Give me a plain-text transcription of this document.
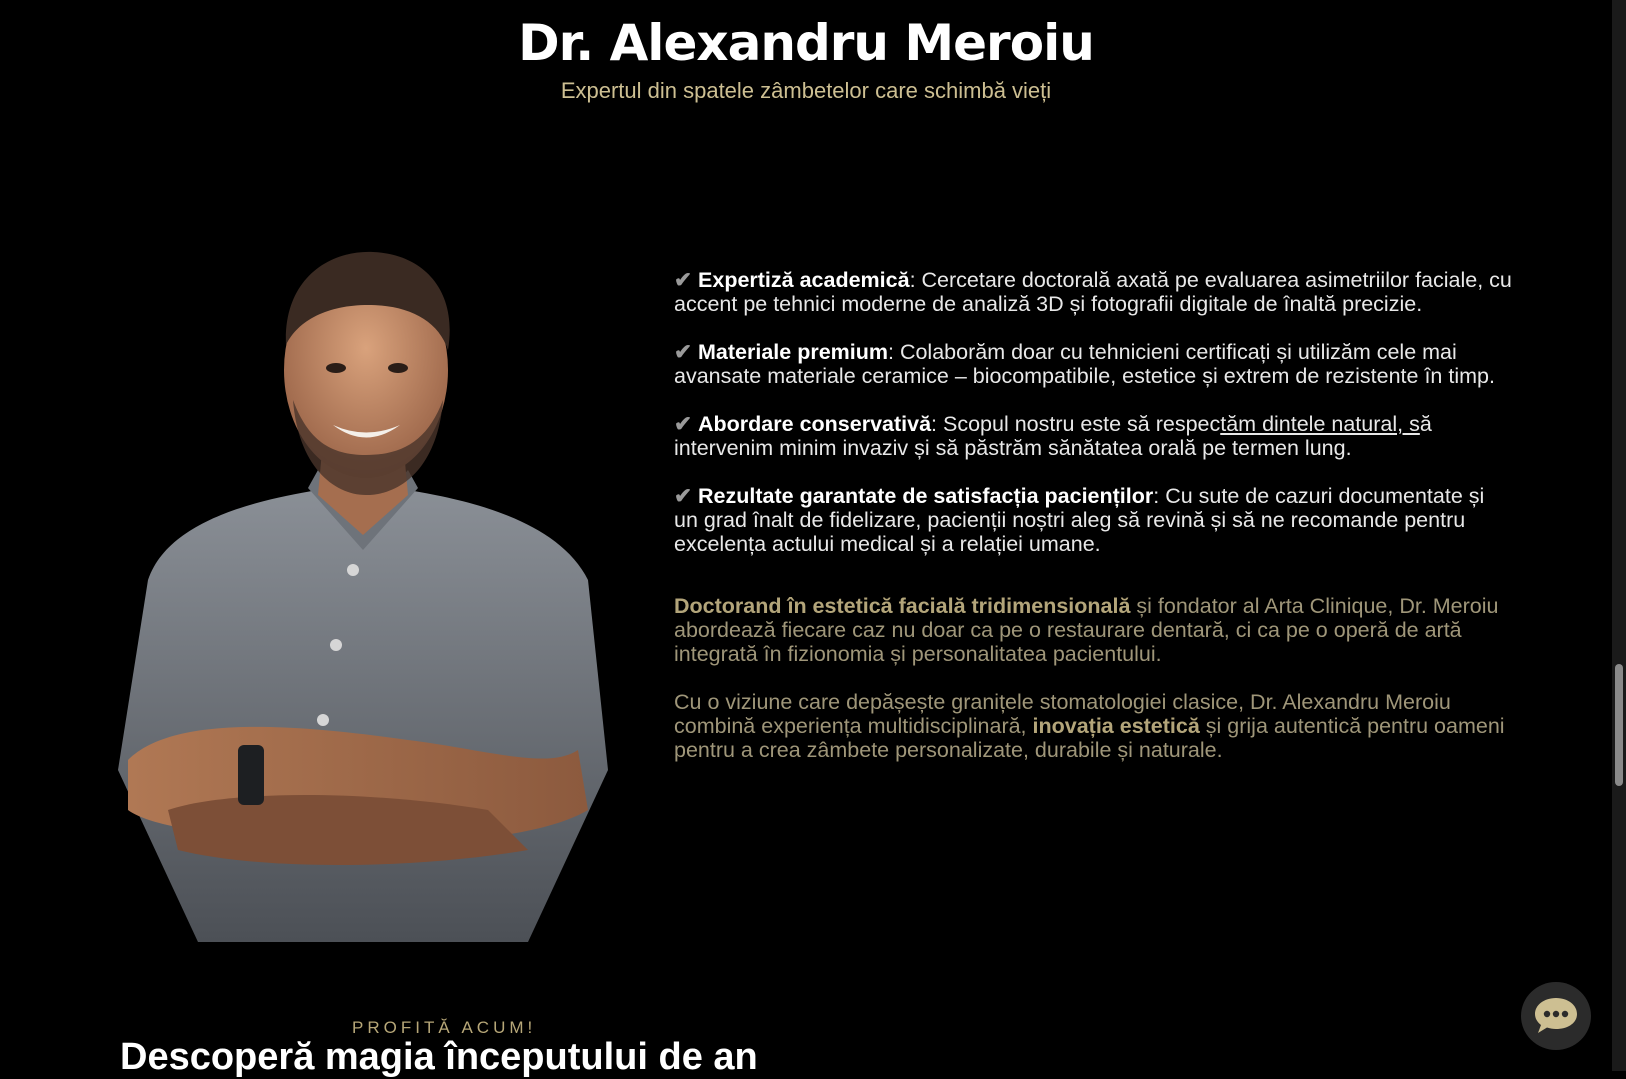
Dr. Alexandru Meroiu

Expertul din spatele zâmbetelor care schimbă vieți

✔ Expertiză academică: Cercetare doctorală axată pe evaluarea asimetriilor faciale, cu accent pe tehnici moderne de analiză 3D și fotografii digitale de înaltă precizie.

✔ Materiale premium: Colaborăm doar cu tehnicieni certificați și utilizăm cele mai avansate materiale ceramice – biocompatibile, estetice și extrem de rezistente în timp.

✔ Abordare conservativă: Scopul nostru este să respectăm dintele natural, să intervenim minim invaziv și să păstrăm sănătatea orală pe termen lung.

✔ Rezultate garantate de satisfacția pacienților: Cu sute de cazuri documentate și un grad înalt de fidelizare, pacienții noștri aleg să revină și să ne recomande pentru excelența actului medical și a relației umane.

Doctorand în estetică facială tridimensională și fondator al Arta Clinique, Dr. Meroiu abordează fiecare caz nu doar ca pe o restaurare dentară, ci ca pe o operă de artă integrată în fizionomia și personalitatea pacientului.

Cu o viziune care depășește granițele stomatologiei clasice, Dr. Alexandru Meroiu combină experiența multidisciplinară, inovația estetică și grija autentică pentru oameni pentru a crea zâmbete personalizate, durabile și naturale.

PROFITĂ ACUM!

Descoperă magia începutului de an
